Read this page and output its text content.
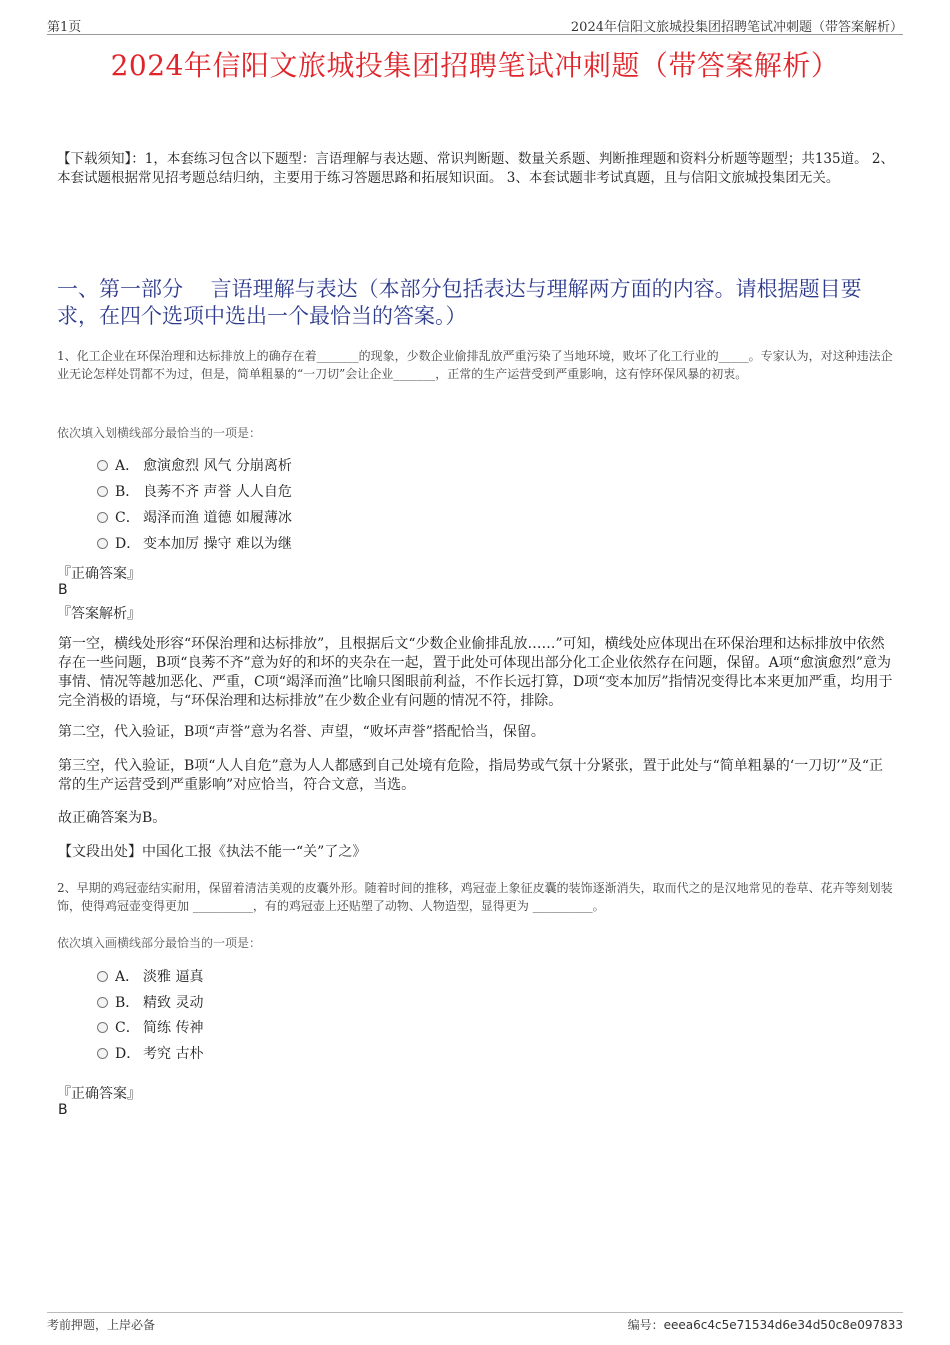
第1页	2024年信阳文旅城投集团招聘笔试冲刺题（带答案解析）
2024年信阳文旅城投集团招聘笔试冲刺题（带答案解析）
【下载须知】：1，本套练习包含以下题型：言语理解与表达题、常识判断题、数量关系题、判断推理题和资料分析题等题型；共135道。 2、本套试题根据常见招考题总结归纳，主要用于练习答题思路和拓展知识面。 3、本套试题非考试真题，且与信阳文旅城投集团无关。
一、第一部分　 言语理解与表达（本部分包括表达与理解两方面的内容。请根据题目要求，在四个选项中选出一个最恰当的答案。）
1、化工企业在环保治理和达标排放上的确存在着_______的现象，少数企业偷排乱放严重污染了当地环境，败坏了化工行业的_____。专家认为，对这种违法企业无论怎样处罚都不为过，但是，简单粗暴的“一刀切”会让企业_______，正常的生产运营受到严重影响，这有悖环保风暴的初衷。
依次填入划横线部分最恰当的一项是：
A． 愈演愈烈 风气 分崩离析
B． 良莠不齐 声誉 人人自危
C． 竭泽而渔 道德 如履薄冰
D． 变本加厉 操守 难以为继
『正确答案』
B
『答案解析』
第一空，横线处形容“环保治理和达标排放”，且根据后文“少数企业偷排乱放……”可知，横线处应体现出在环保治理和达标排放中依然存在一些问题，B项“良莠不齐”意为好的和坏的夹杂在一起，置于此处可体现出部分化工企业依然存在问题，保留。A项“愈演愈烈”意为事情、情况等越加恶化、严重，C项“竭泽而渔”比喻只图眼前利益，不作长远打算，D项“变本加厉”指情况变得比本来更加严重，均用于完全消极的语境，与“环保治理和达标排放”在少数企业有问题的情况不符，排除。
第二空，代入验证，B项“声誉”意为名誉、声望，“败坏声誉”搭配恰当，保留。
第三空，代入验证，B项“人人自危”意为人人都感到自己处境有危险，指局势或气氛十分紧张，置于此处与“简单粗暴的‘一刀切’”及“正常的生产运营受到严重影响”对应恰当，符合文意，当选。
故正确答案为B。
【文段出处】中国化工报《执法不能一“关”了之》
2、早期的鸡冠壶结实耐用，保留着清洁美观的皮囊外形。随着时间的推移，鸡冠壶上象征皮囊的装饰逐渐消失，取而代之的是汉地常见的卷草、花卉等刻划装饰，使得鸡冠壶变得更加 __________，有的鸡冠壶上还贴塑了动物、人物造型，显得更为 __________。
依次填入画横线部分最恰当的一项是：
A． 淡雅 逼真
B． 精致 灵动
C． 简练 传神
D． 考究 古朴
『正确答案』
B
考前押题，上岸必备	编号：eeea6c4c5e71534d6e34d50c8e097833
